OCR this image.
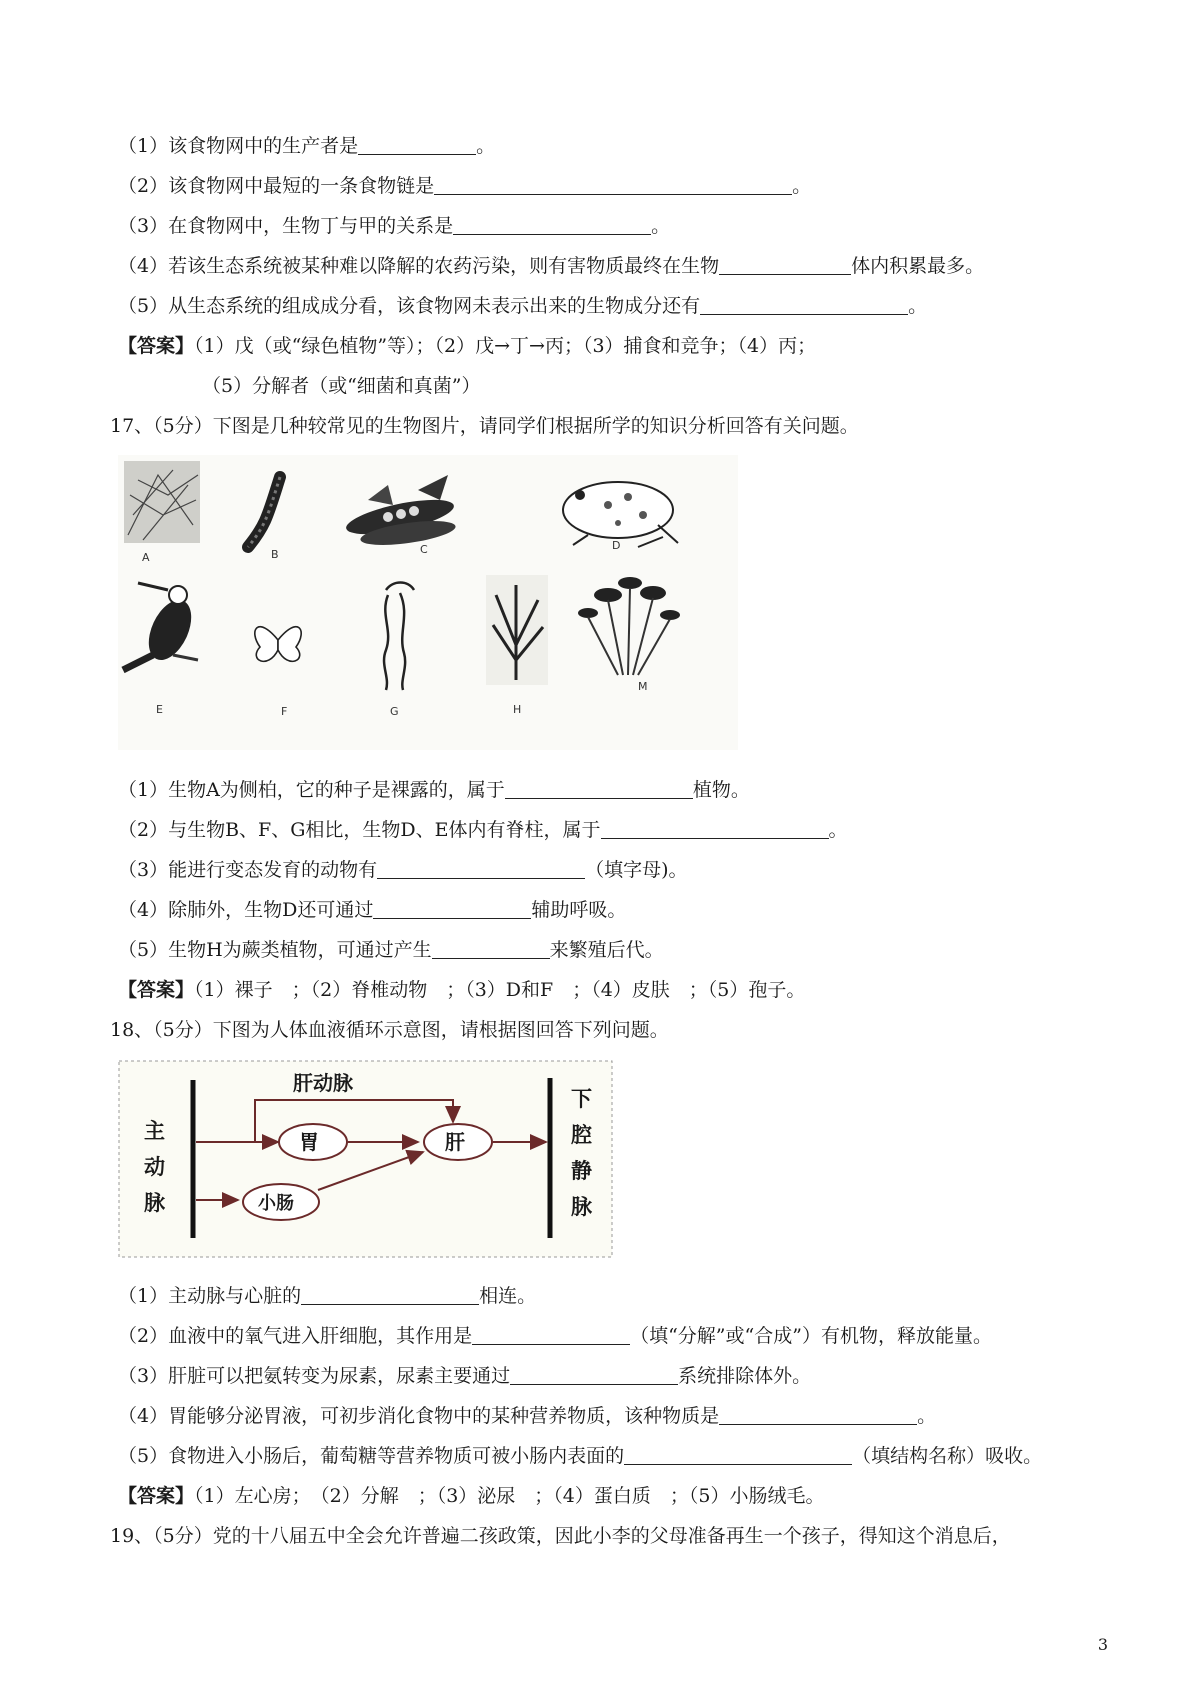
（1）该食物网中的生产者是	。
（2）该食物网中最短的一条食物链是	。
（3）在食物网中，生物丁与甲的关系是	。
（4）若该生态系统被某种难以降解的农药污染，则有害物质最终在生物	体内积累最多。
（5）从生态系统的组成成分看，该食物网未表示出来的生物成分还有	。
【答案】（1）戊（或“绿色植物”等）；（2）戊→丁→丙；（3）捕食和竞争；（4）丙；
（5）分解者（或“细菌和真菌”）
17、（5分）下图是几种较常见的生物图片，请同学们根据所学的知识分析回答有关问题。
A	B	C	D
E	F	G	H
M
（1）生物A为侧柏，它的种子是裸露的，属于	植物。
（2）与生物B、F、G相比，生物D、E体内有脊柱，属于	。
（3）能进行变态发育的动物有	（填字母)。
（4）除肺外，生物D还可通过	辅助呼吸。
（5）生物H为蕨类植物，可通过产生	来繁殖后代。
【答案】（1）裸子　；（2）脊椎动物　；（3）D和F　；（4）皮肤　；（5）孢子。
18、（5分）下图为人体血液循环示意图，请根据图回答下列问题。
肝动脉
胃	肝
小肠
主
动
脉
下
腔
静
脉
（1）主动脉与心脏的	相连。
（2）血液中的氧气进入肝细胞，其作用是	（填“分解”或“合成”）有机物，释放能量。
（3）肝脏可以把氨转变为尿素，尿素主要通过	系统排除体外。
（4）胃能够分泌胃液，可初步消化食物中的某种营养物质，该种物质是	。
（5）食物进入小肠后，葡萄糖等营养物质可被小肠内表面的	（填结构名称）吸收。
【答案】（1）左心房；　（2）分解　；（3）泌尿　；（4）蛋白质　；（5）小肠绒毛。
19、（5分）党的十八届五中全会允许普遍二孩政策，因此小李的父母准备再生一个孩子，得知这个消息后，
3
